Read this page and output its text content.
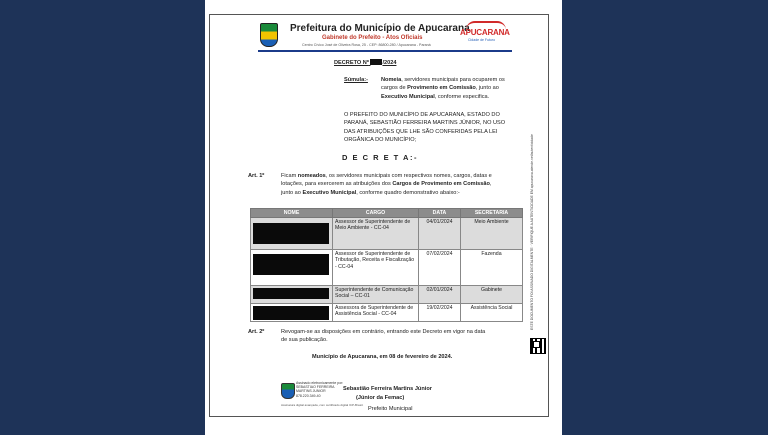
Prefeitura do Município de Apucarana
Gabinete do Prefeito - Atos Oficiais
Centro Cívico José de Oliveira Rosa, 25 - CEP: 86800-280 / Apucarana - Paraná
APUCARANA
Cidade de Futuro
DECRETO Nº /2024
Súmula:- Nomeia, servidores municipais para ocuparem os
cargos de Provimento em Comissão, junto ao
Executivo Municipal, conforme especifica.
O PREFEITO DO MUNICÍPIO DE APUCARANA, ESTADO DO
PARANÁ, SEBASTIÃO FERREIRA MARTINS JÚNIOR, NO USO
DAS ATRIBUIÇÕES QUE LHE SÃO CONFERIDAS PELA LEI
ORGÂNICA DO MUNICÍPIO;
D E C R E T A:-
Art. 1º	Ficam nomeados, os servidores municipais com respectivos nomes, cargos, datas e
lotações, para exercerem as atribuições dos Cargos de Provimento em Comissão,
junto ao Executivo Municipal, conforme quadro demonstrativo abaixo:-
NOME	CARGO	DATA	SECRETARIA

	Assessor de Superintendente de Meio Ambiente - CC-04	04/01/2024	Meio Ambiente

	Assessor de Superintendente de Tributação, Receita e Fiscalização - CC-04	07/02/2024	Fazenda

	Superintendente de Comunicação Social – CC-01	02/01/2024	Gabinete

	Assessora de Superintendente de Assistência Social - CC-04	19/02/2024	Assistência Social
Art. 2º	Revogam-se as disposições em contrário, entrando este Decreto em vigor na data
de sua publicação.
Município de Apucarana, em 08 de fevereiro de 2024.
Assinado eletronicamente por:
SEBASTIAO FERREIRA
MARTINS JUNIOR
878.220.349-40
Sebastião Ferreira Martins Júnior
(Júnior da Femac)
Prefeito Municipal
Assinatura digital avançada, com certificado digital ICP-Brasil.
ESTE DOCUMENTO FOI ASSINADO DIGITALMENTE · VERIFIQUE A AUTENTICIDADE EM apucarana.atende.net/autenticidade
